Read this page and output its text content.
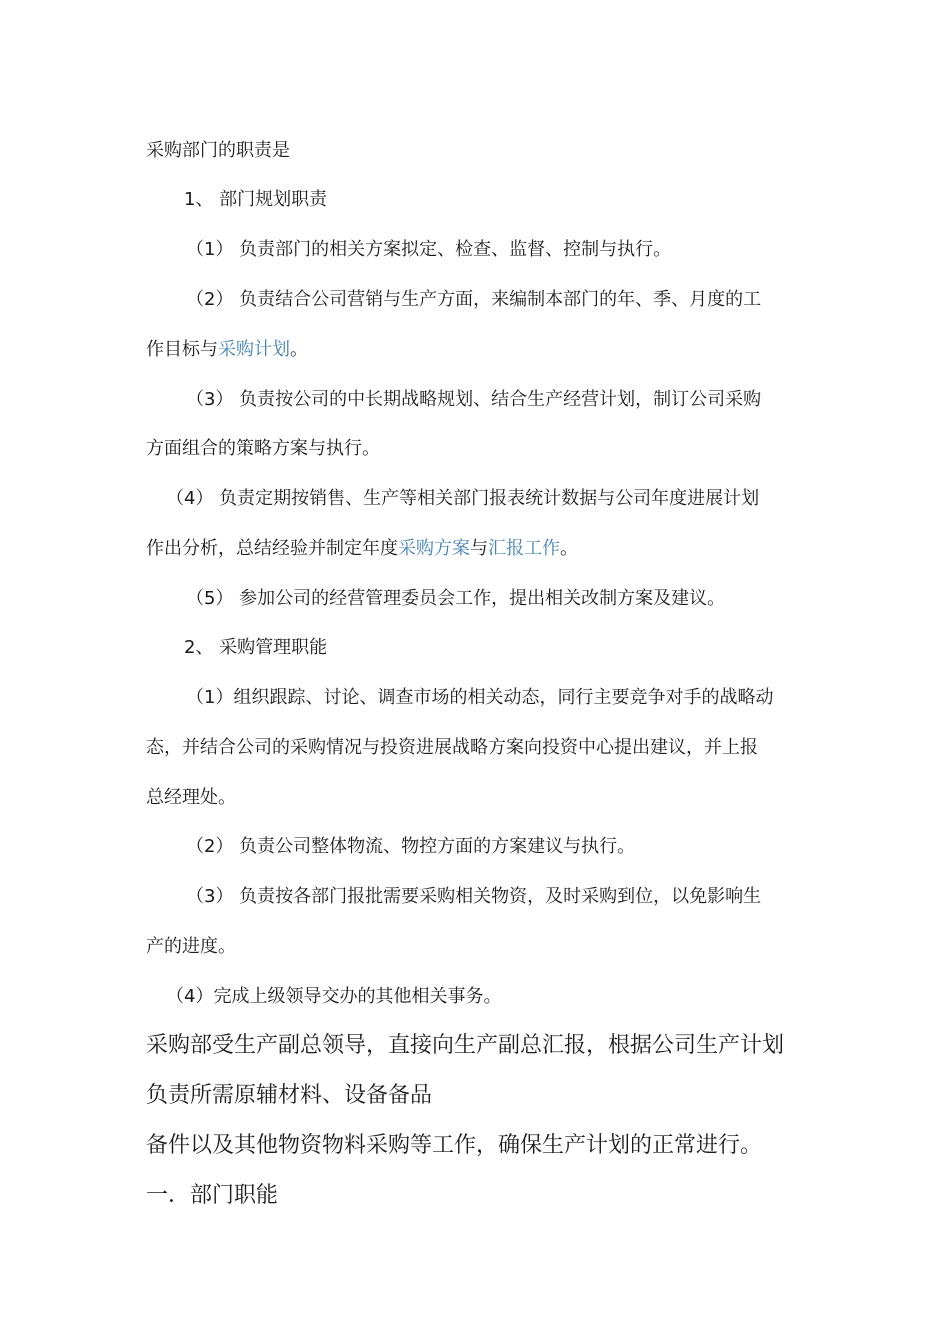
采购部门的职责是
1、 部门规划职责
（1） 负责部门的相关方案拟定、检查、监督、控制与执行。
（2） 负责结合公司营销与生产方面，来编制本部门的年、季、月度的工
作目标与采购计划。
（3） 负责按公司的中长期战略规划、结合生产经营计划，制订公司采购
方面组合的策略方案与执行。
（4） 负责定期按销售、生产等相关部门报表统计数据与公司年度进展计划
作出分析，总结经验并制定年度采购方案与汇报工作。
（5） 参加公司的经营管理委员会工作，提出相关改制方案及建议。
2、 采购管理职能
（1）组织跟踪、讨论、调查市场的相关动态，同行主要竞争对手的战略动
态，并结合公司的采购情况与投资进展战略方案向投资中心提出建议，并上报
总经理处。
（2） 负责公司整体物流、物控方面的方案建议与执行。
（3） 负责按各部门报批需要采购相关物资，及时采购到位，以免影响生
产的进度。
（4）完成上级领导交办的其他相关事务。
采购部受生产副总领导，直接向生产副总汇报，根据公司生产计划
负责所需原辅材料、设备备品
备件以及其他物资物料采购等工作，确保生产计划的正常进行。
一．部门职能
